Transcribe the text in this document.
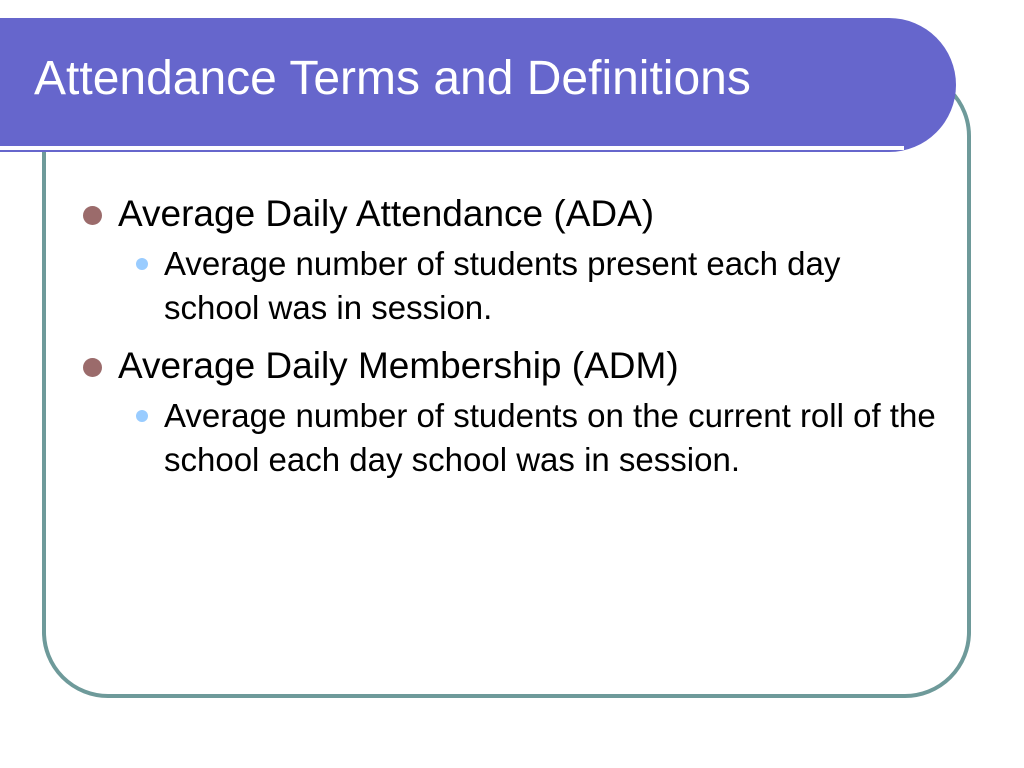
Attendance Terms and Definitions
Average Daily Attendance (ADA)
Average number of students present each day school was in session.
Average Daily Membership (ADM)
Average number of students on the current roll of the school each day school was in session.
